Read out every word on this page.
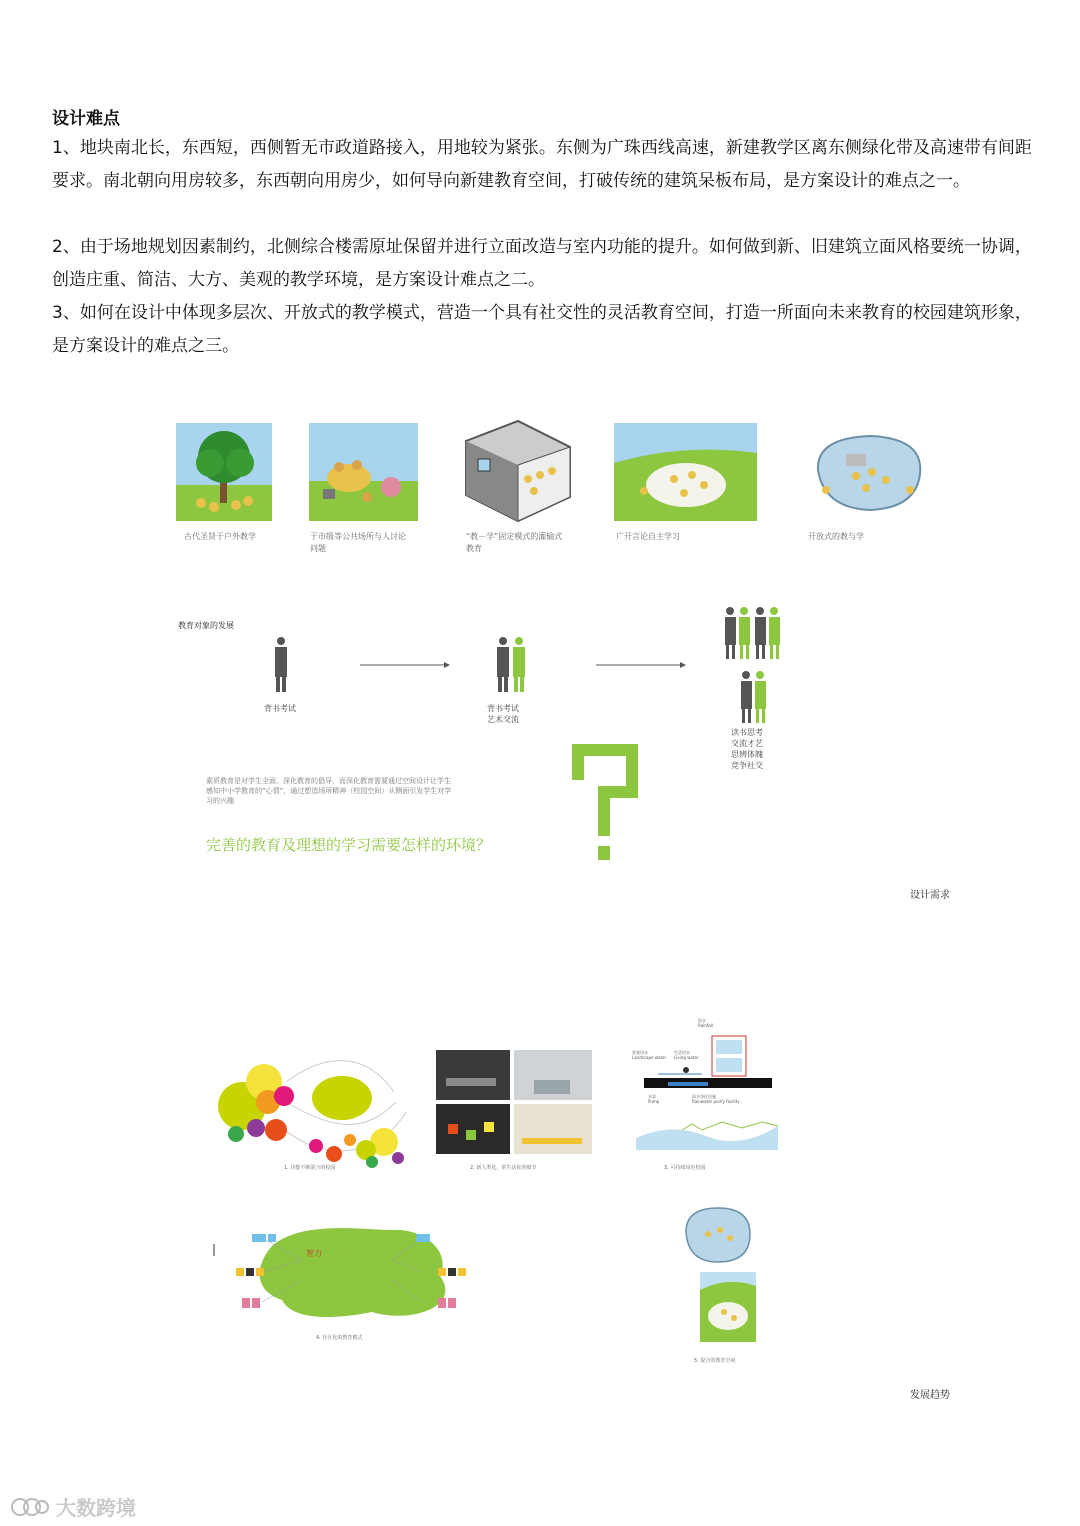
设计难点
1、地块南北长，东西短，西侧暂无市政道路接入，用地较为紧张。东侧为广珠西线高速，新建教学区离东侧绿化带及高速带有间距要求。南北朝向用房较多，东西朝向用房少，如何导向新建教育空间，打破传统的建筑呆板布局，是方案设计的难点之一。
2、由于场地规划因素制约，北侧综合楼需原址保留并进行立面改造与室内功能的提升。如何做到新、旧建筑立面风格要统一协调，创造庄重、简洁、大方、美观的教学环境，是方案设计难点之二。
3、如何在设计中体现多层次、开放式的教学模式，营造一个具有社交性的灵活教育空间，打造一所面向未来教育的校园建筑形象，是方案设计的难点之三。
古代圣贤于户外教学	于市级等公共场所与人讨论问题
“教－学”固定模式的灌输式教育
广开言论自主学习	开放式的教与学
教育对象的发展
背书考试	背书考试
艺术交流
读书思考
交流才艺
思辨体魄
竞争社交
素质教育是对学生全面、深化教育的倡导，而深化教育需要通过空间设计让学生感知中小学教育的“心情”，通过塑造场所精神（校园空间）从侧面引发学生对学习的兴趣
完善的教育及理想的学习需要怎样的环境？
设计需求
1. 功能不断混合的校园	2. 新人类化，常生活化的细节
雨水
Rainfall
景观用水
Landscape water
生活用水
Living water
水泵
Pump
雨水净化设施
Rainwater purify facility
3. 可持续绿色校园
智力
4. 社区化的教育模式
5. 混合的教育空间
发展趋势
大数跨境
